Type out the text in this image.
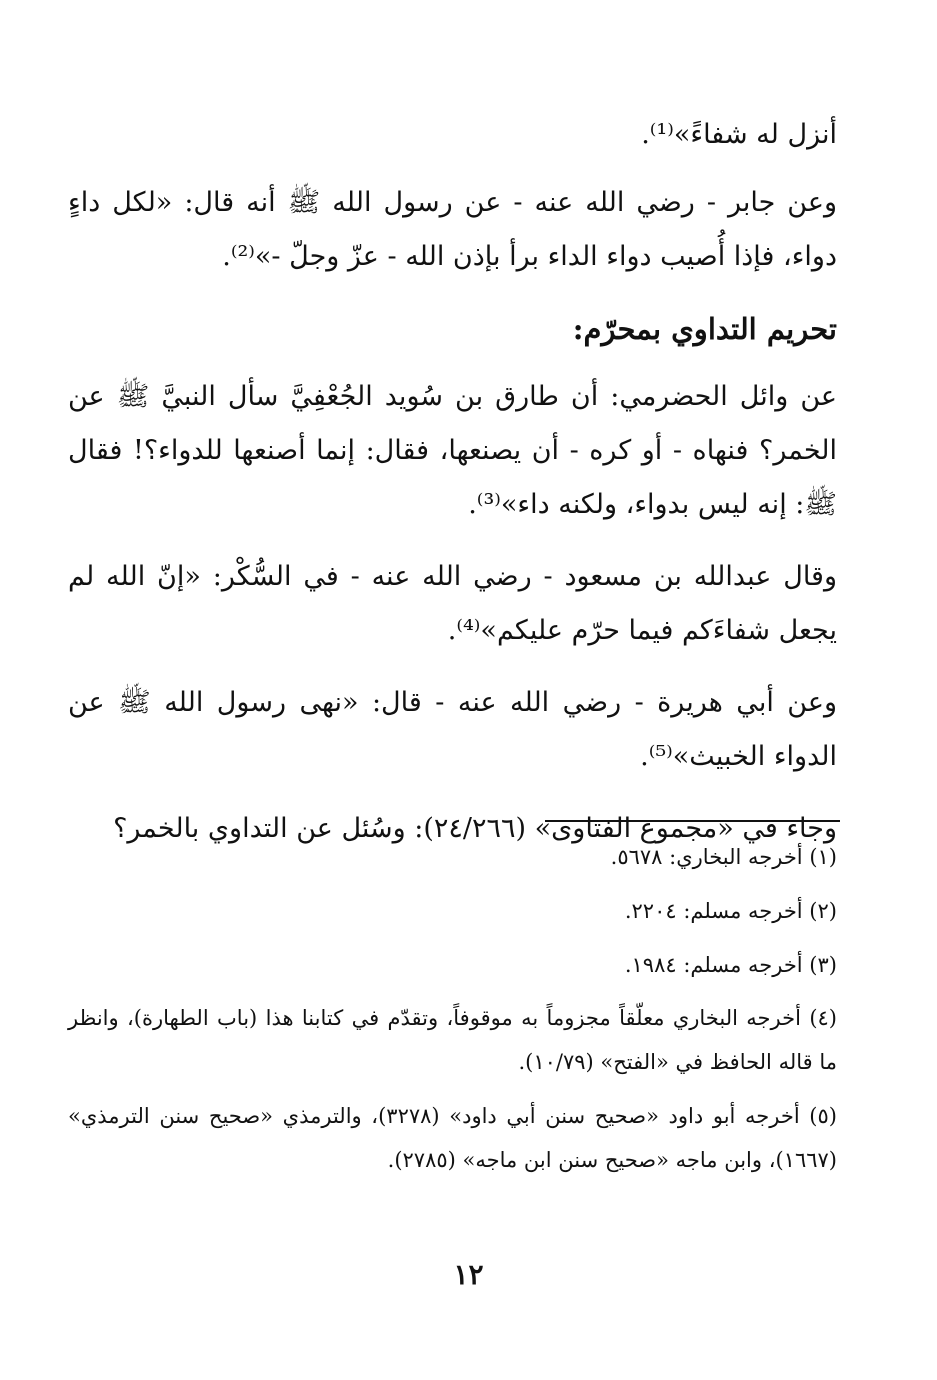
أنزل له شفاءً»⁽¹⁾.

وعن جابر - رضي الله عنه - عن رسول الله ﷺ أنه قال: «لكل داءٍ دواء، فإذا أُصيب دواء الداء برأ بإذن الله - عزّ وجلّ -»⁽²⁾.

تحريم التداوي بمحرّم:

عن وائل الحضرمي: أن طارق بن سُويد الجُعْفِيَّ سأل النبيَّ ﷺ عن الخمر؟ فنهاه - أو كره - أن يصنعها، فقال: إنما أصنعها للدواء؟! فقال ﷺ: إنه ليس بدواء، ولكنه داء»⁽³⁾.

وقال عبدالله بن مسعود - رضي الله عنه - في السُّكْر: «إنّ الله لم يجعل شفاءَكم فيما حرّم عليكم»⁽⁴⁾.

وعن أبي هريرة - رضي الله عنه - قال: «نهى رسول الله ﷺ عن الدواء الخبيث»⁽⁵⁾.

وجاء في «مجموع الفتاوى» (٢٤/٢٦٦): وسُئل عن التداوي بالخمر؟

(١) أخرجه البخاري: ٥٦٧٨.

(٢) أخرجه مسلم: ٢٢٠٤.

(٣) أخرجه مسلم: ١٩٨٤.

(٤) أخرجه البخاري معلّقاً مجزوماً به موقوفاً، وتقدّم في كتابنا هذا (باب الطهارة)، وانظر ما قاله الحافظ في «الفتح» (١٠/٧٩).

(٥) أخرجه أبو داود «صحيح سنن أبي داود» (٣٢٧٨)، والترمذي «صحيح سنن الترمذي» (١٦٦٧)، وابن ماجه «صحيح سنن ابن ماجه» (٢٧٨٥).

١٢
